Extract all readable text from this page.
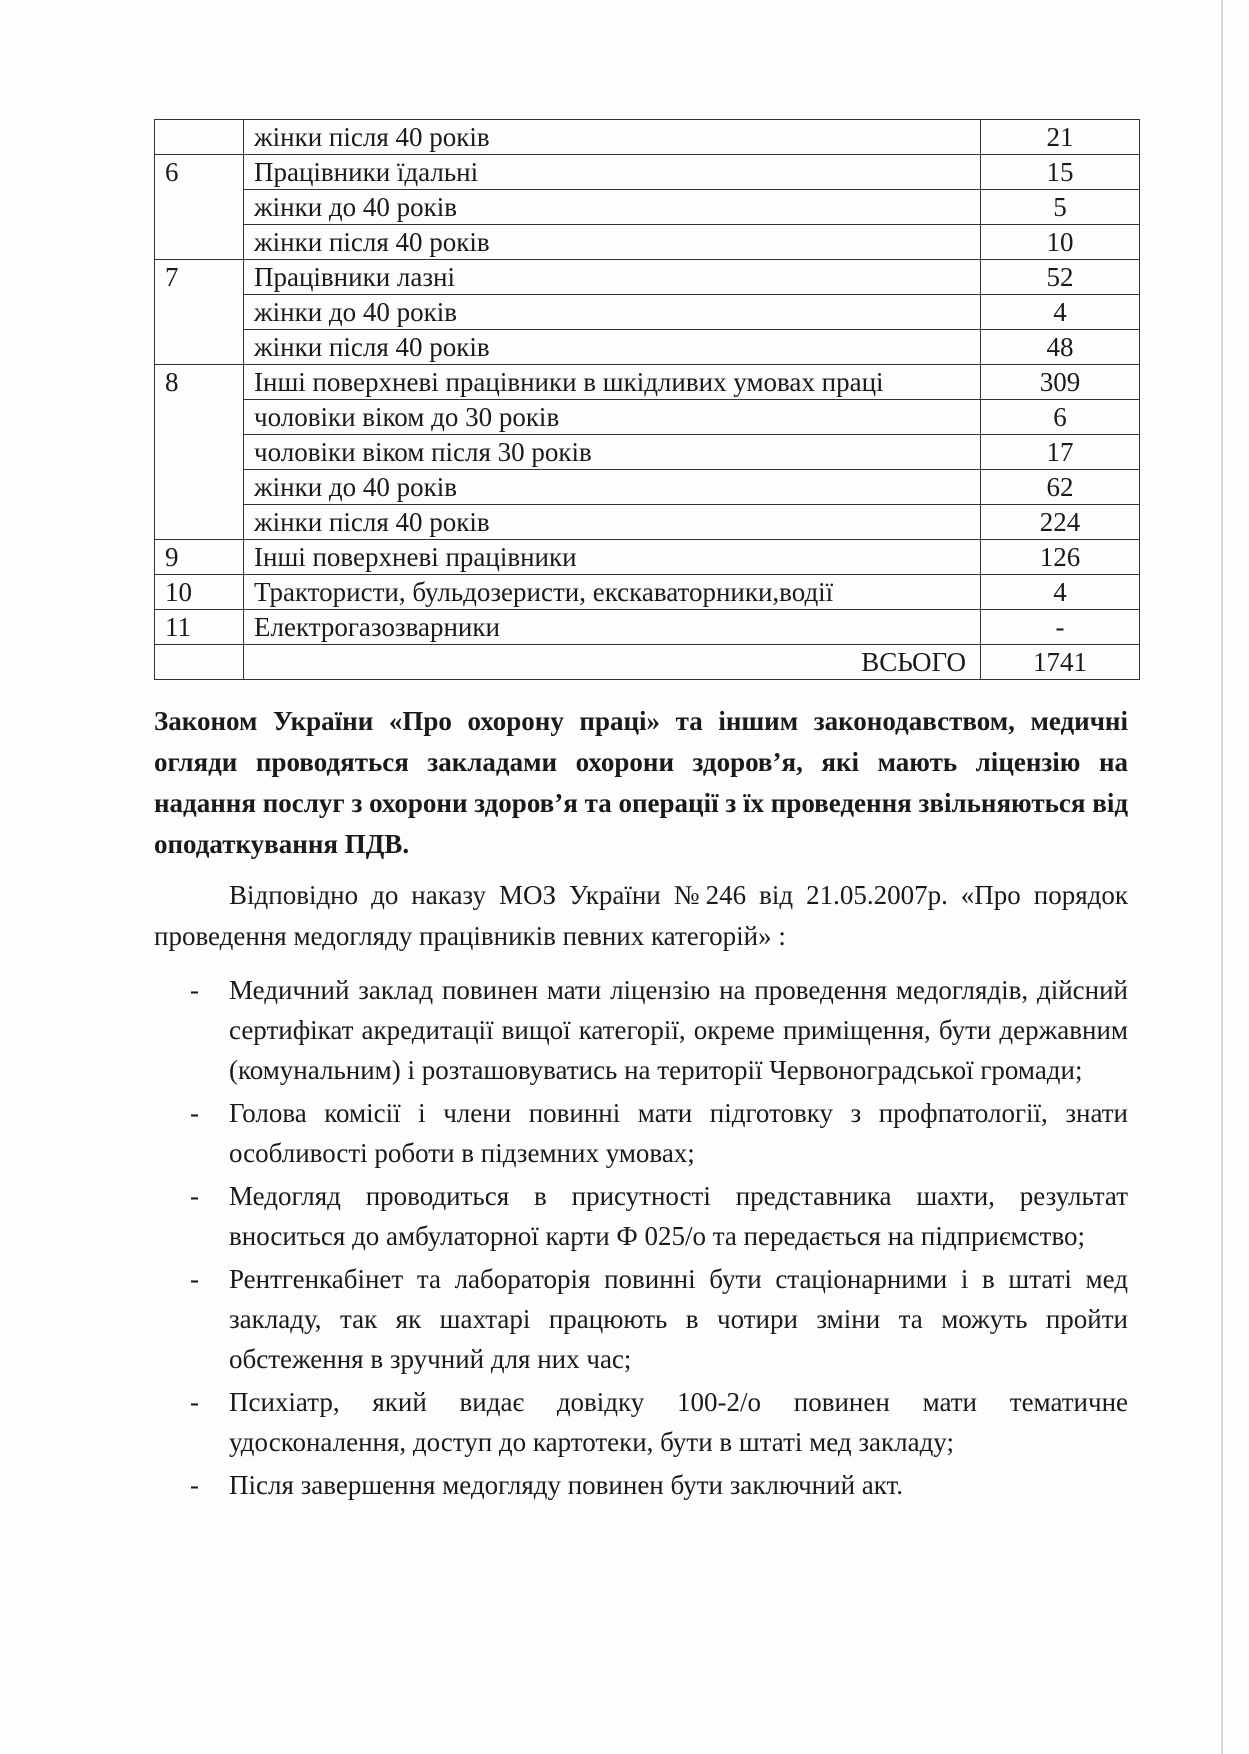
	жінки після 40 років	21
6	Працівники їдальні	15
	жінки до 40 років	5
	жінки після 40 років	10
7	Працівники лазні	52
	жінки до 40 років	4
	жінки після 40 років	48
8	Інші поверхневі працівники в шкідливих умовах праці	309
	чоловіки віком до 30 років	6
	чоловіки віком після 30 років	17
	жінки до 40 років	62
	жінки після 40 років	224
9	Інші поверхневі працівники	126
10	Трактористи, бульдозеристи, екскаваторники,водії	4
11	Електрогазозварники	-
	ВСЬОГО	1741

Законом України «Про охорону праці» та іншим законодавством, медичні огляди проводяться закладами охорони здоров’я, які мають ліцензію на надання послуг з охорони здоров’я та операції з їх проведення звільняються від оподаткування ПДВ.

Відповідно до наказу МОЗ України №246 від 21.05.2007р. «Про порядок проведення медогляду працівників певних категорій» :

- Медичний заклад повинен мати ліцензію на проведення медоглядів, дійсний сертифікат акредитації вищої категорії, окреме приміщення, бути державним (комунальним) і розташовуватись на території Червоноградської громади;
- Голова комісії і члени повинні мати підготовку з профпатології, знати особливості роботи в підземних умовах;
- Медогляд проводиться в присутності представника шахти, результат вноситься до амбулаторної карти Ф 025/о та передається на підприємство;
- Рентгенкабінет та лабораторія повинні бути стаціонарними і в штаті мед закладу, так як шахтарі працюють в чотири зміни та можуть пройти обстеження в зручний для них час;
- Психіатр, який видає довідку 100-2/о повинен мати тематичне удосконалення, доступ до картотеки, бути в штаті мед закладу;
- Після завершення медогляду повинен бути заключний акт.
